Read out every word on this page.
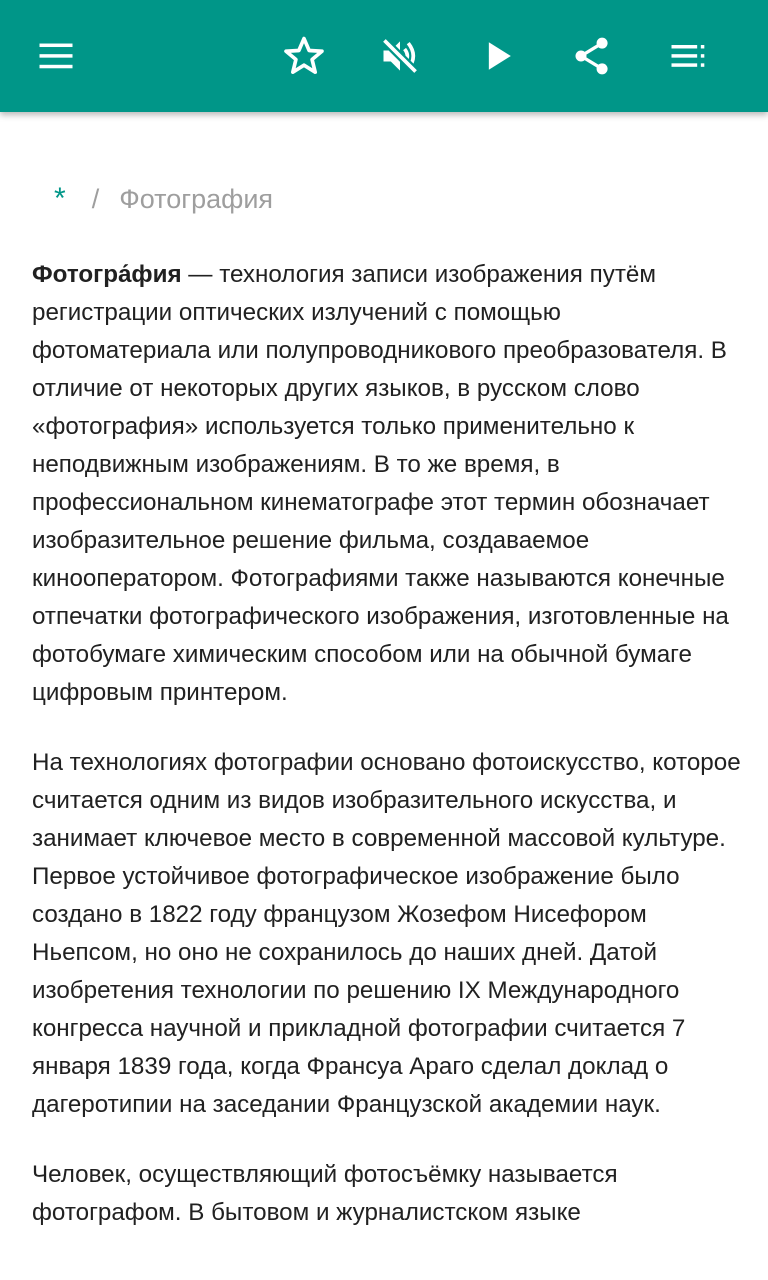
* / Фотография

Фотогра́фия — технология записи изображения путём регистрации оптических излучений с помощью фотоматериала или полупроводникового преобразователя. В отличие от некоторых других языков, в русском слово «фотография» используется только применительно к неподвижным изображениям. В то же время, в профессиональном кинематографе этот термин обозначает изобразительное решение фильма, создаваемое кинооператором. Фотографиями также называются конечные отпечатки фотографического изображения, изготовленные на фотобумаге химическим способом или на обычной бумаге цифровым принтером.

На технологиях фотографии основано фотоискусство, которое считается одним из видов изобразительного искусства, и занимает ключевое место в современной массовой культуре. Первое устойчивое фотографическое изображение было создано в 1822 году французом Жозефом Нисефором Ньепсом, но оно не сохранилось до наших дней. Датой изобретения технологии по решению IX Международного конгресса научной и прикладной фотографии считается 7 января 1839 года, когда Франсуа Араго сделал доклад о дагеротипии на заседании Французской академии наук.

Человек, осуществляющий фотосъёмку называется фотографом. В бытовом и журналистском языке
